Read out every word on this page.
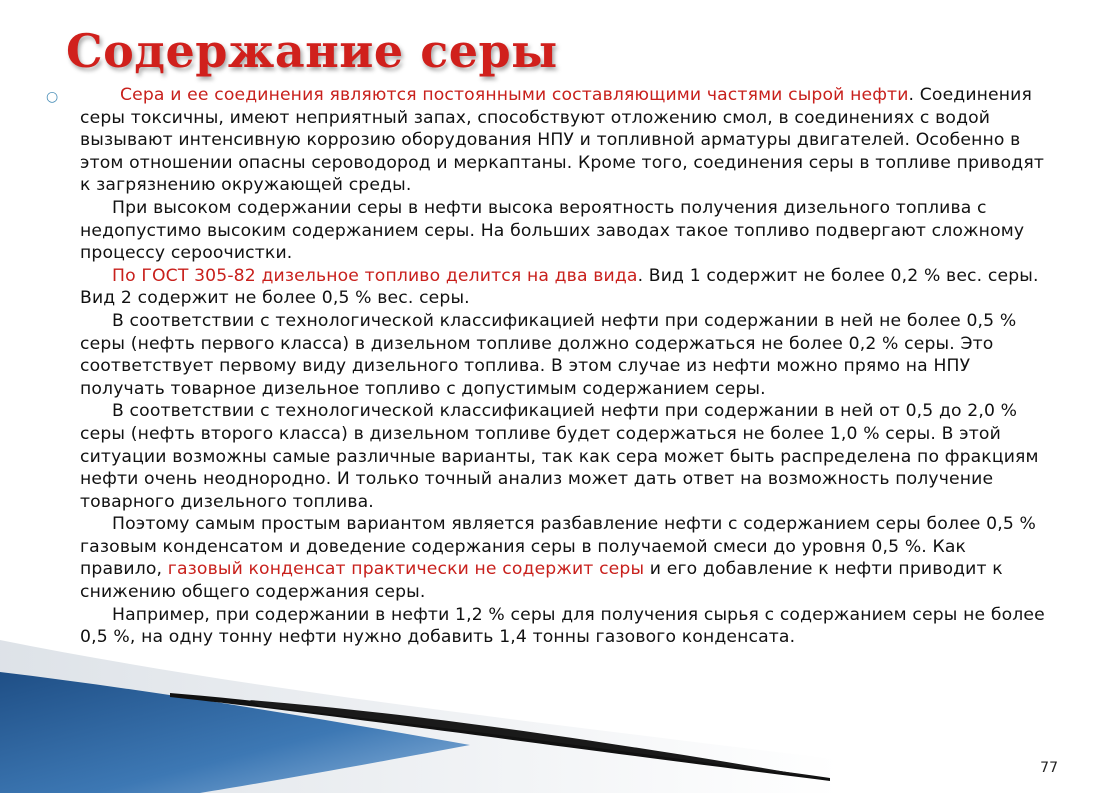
Содержание серы
○	Сера и ее соединения являются постоянными составляющими частями сырой нефти. Соединения серы токсичны, имеют неприятный запах, способствуют отложению смол, в соединениях с водой вызывают интенсивную коррозию оборудования НПУ и топливной арматуры двигателей. Особенно в этом отношении опасны сероводород и меркаптаны. Кроме того, соединения серы в топливе приводят к загрязнению окружающей среды.

При высоком содержании серы в нефти высока вероятность получения дизельного топлива с недопустимо высоким содержанием серы. На больших заводах такое топливо подвергают сложному процессу сероочистки.

По ГОСТ 305-82 дизельное топливо делится на два вида. Вид 1 содержит не более 0,2 % вес. серы. Вид 2 содержит не более 0,5 % вес. серы.

В соответствии с технологической классификацией нефти при содержании в ней не более 0,5 % серы (нефть первого класса) в дизельном топливе должно содержаться не более 0,2 % серы. Это соответствует первому виду дизельного топлива. В этом случае из нефти можно прямо на НПУ получать товарное дизельное топливо с допустимым содержанием серы.

В соответствии с технологической классификацией нефти при содержании в ней от 0,5 до 2,0 % серы (нефть второго класса) в дизельном топливе будет содержаться не более 1,0 % серы. В этой ситуации возможны самые различные варианты, так как сера может быть распределена по фракциям нефти очень неоднородно. И только точный анализ может дать ответ на возможность получение товарного дизельного топлива.

Поэтому самым простым вариантом является разбавление нефти с содержанием серы более 0,5 % газовым конденсатом и доведение содержания серы в получаемой смеси до уровня 0,5 %. Как правило, газовый конденсат практически не содержит серы и его добавление к нефти приводит к снижению общего содержания серы.

Например, при содержании в нефти 1,2 % серы для получения сырья с содержанием серы не более 0,5 %, на одну тонну нефти нужно добавить 1,4 тонны газового конденсата.

77
